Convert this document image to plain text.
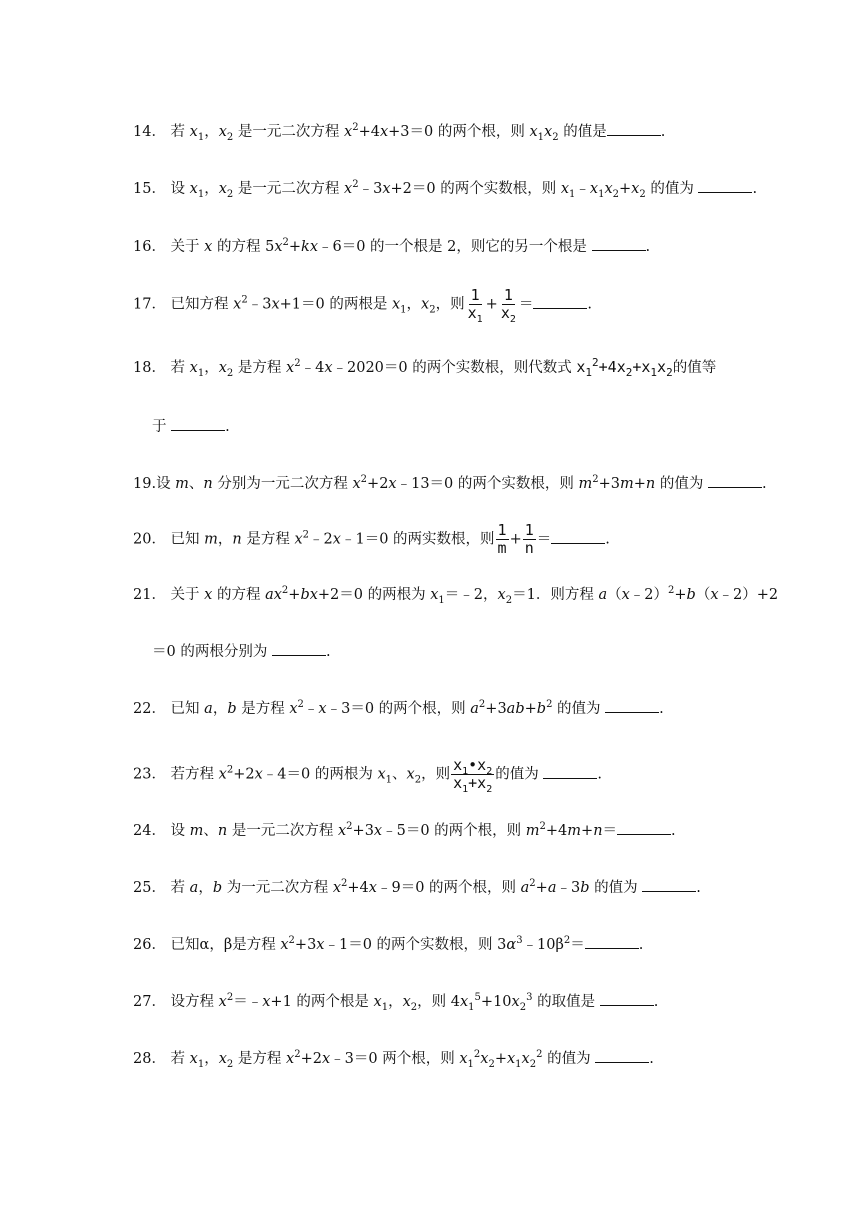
14． 若 $x_1$，$x_2$ 是一元二次方程 $x^2+4x+3=0$ 的两个根，则 $x_1x_2$ 的值是	.
15． 设 $x_1$，$x_2$ 是一元二次方程 $x^2﹣3x+2=0$ 的两个实数根，则 $x_1﹣x_1x_2+x_2$ 的值为	.
16． 关于 x 的方程 $5x^2+kx﹣6=0$ 的一个根是 2，则它的另一个根是	.
17． 已知方程 $x^2﹣3x+1=0$ 的两根是 $x_1$，$x_2$，则 $\frac{1}{x_1} + \frac{1}{x_2}$ ＝	.
18． 若 $x_1$，$x_2$ 是方程 $x^2﹣4x﹣2020=0$ 的两个实数根，则代数式 $x_1^2+4x_2+x_1x_2$的值等
于	.
19.设 m、n 分别为一元二次方程 $x^2+2x﹣13=0$ 的两个实数根，则 $m^2+3m+n$ 的值为	.
20． 已知 m，n 是方程 $x^2﹣2x﹣1=0$ 的两实数根，则 $\frac{1}{m} + \frac{1}{n}$ ＝	.
21． 关于 x 的方程 $ax^2+bx+2=0$ 的两根为 $x_1=﹣2$，$x_2=1$．则方程 a（x﹣2）$^2$+b（x﹣2）+2
＝0 的两根分别为	.
22． 已知 a，b 是方程 $x^2﹣x﹣3=0$ 的两个根，则 $a^2+3ab+b^2$ 的值为	.
23． 若方程 $x^2+2x﹣4=0$ 的两根为 $x_1$、$x_2$，则 $\frac{x_1•x_2}{x_1+x_2}$ 的值为	.
24． 设 m、n 是一元二次方程 $x^2+3x﹣5=0$ 的两个根，则 $m^2+4m+n=$	.
25． 若 a，b 为一元二次方程 $x^2+4x﹣9=0$ 的两个根，则 $a^2+a﹣3b$ 的值为	.
26． 已知α，β是方程 $x^2+3x﹣1=0$ 的两个实数根，则 $3\alpha^3﹣10\beta^2=$	.
27． 设方程 $x^2=﹣x+1$ 的两个根是 $x_1$，$x_2$，则 $4x_1^5+10x_2^3$ 的取值是	.
28． 若 $x_1$，$x_2$ 是方程 $x^2+2x﹣3=0$ 两个根，则 $x_1^2x_2+x_1x_2^2$ 的值为	.
